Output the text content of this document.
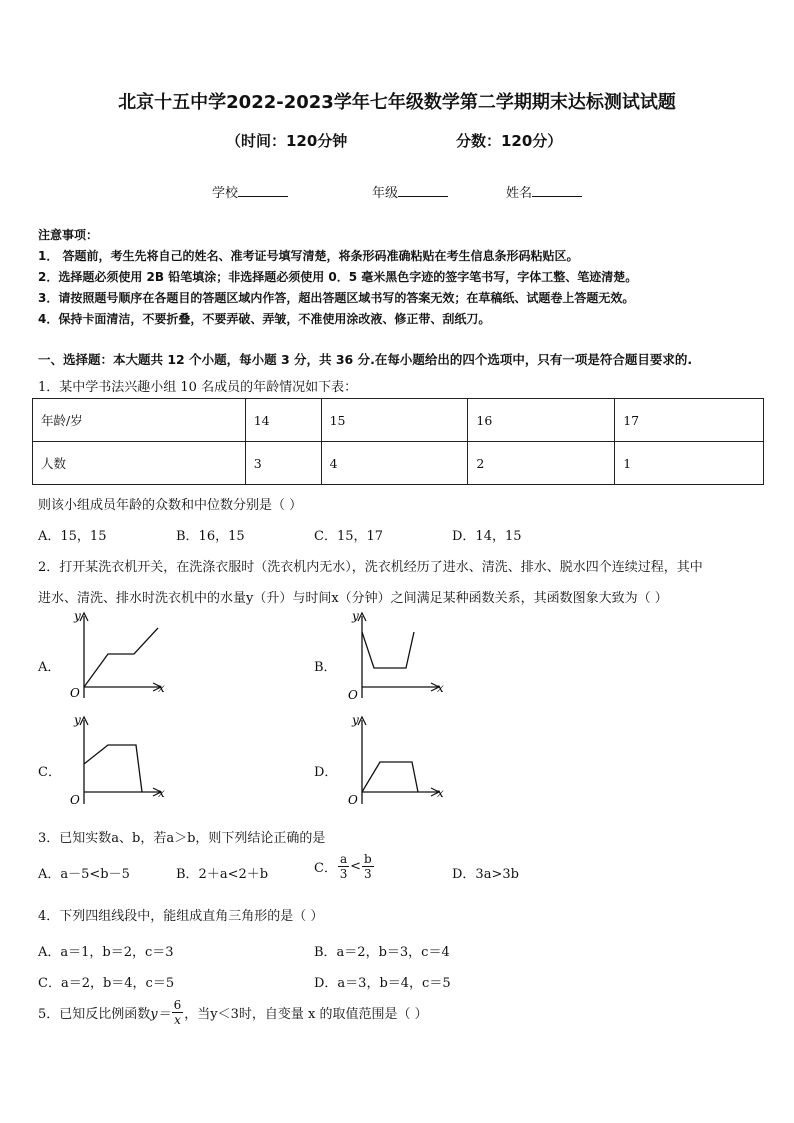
北京十五中学2022-2023学年七年级数学第二学期期末达标测试试题
（时间：120分钟	分数：120分）
学校	年级	姓名
注意事项：
1． 答题前，考生先将自己的姓名、准考证号填写清楚，将条形码准确粘贴在考生信息条形码粘贴区。
2．选择题必须使用 2B 铅笔填涂；非选择题必须使用 0．5 毫米黑色字迹的签字笔书写，字体工整、笔迹清楚。
3．请按照题号顺序在各题目的答题区域内作答，超出答题区域书写的答案无效；在草稿纸、试题卷上答题无效。
4．保持卡面清洁，不要折叠，不要弄破、弄皱，不准使用涂改液、修正带、刮纸刀。
一、选择题：本大题共 12 个小题，每小题 3 分，共 36 分.在每小题给出的四个选项中，只有一项是符合题目要求的.
1．某中学书法兴趣小组 10 名成员的年龄情况如下表：
年龄/岁	14	15	16	17
人数	3	4	2	1
则该小组成员年龄的众数和中位数分别是（ ）
A．15，15	B．16，15	C．15，17	D．14，15
2．打开某洗衣机开关，在洗涤衣服时（洗衣机内无水），洗衣机经历了进水、清洗、排水、脱水四个连续过程，其中
进水、清洗、排水时洗衣机中的水量y（升）与时间x（分钟）之间满足某种函数关系，其函数图象大致为（ ）
A．
y
x
O
B．
y
x
O
C．
y
x
O
D．
y
x
O
3．已知实数a、b，若a＞b，则下列结论正确的是
A．a－5<b－5	B．2＋a<2＋b	C． $\frac{a}{3} < \frac{b}{3}$	D．3a>3b
4．下列四组线段中，能组成直角三角形的是（ ）
A．a＝1，b＝2，c＝3	B．a＝2，b＝3，c＝4
C．a＝2，b＝4，c＝5	D．a＝3，b＝4，c＝5
5．已知反比例函数$y= \frac{6}{x}$ ，当y＜3时，自变量 x 的取值范围是（ ）
